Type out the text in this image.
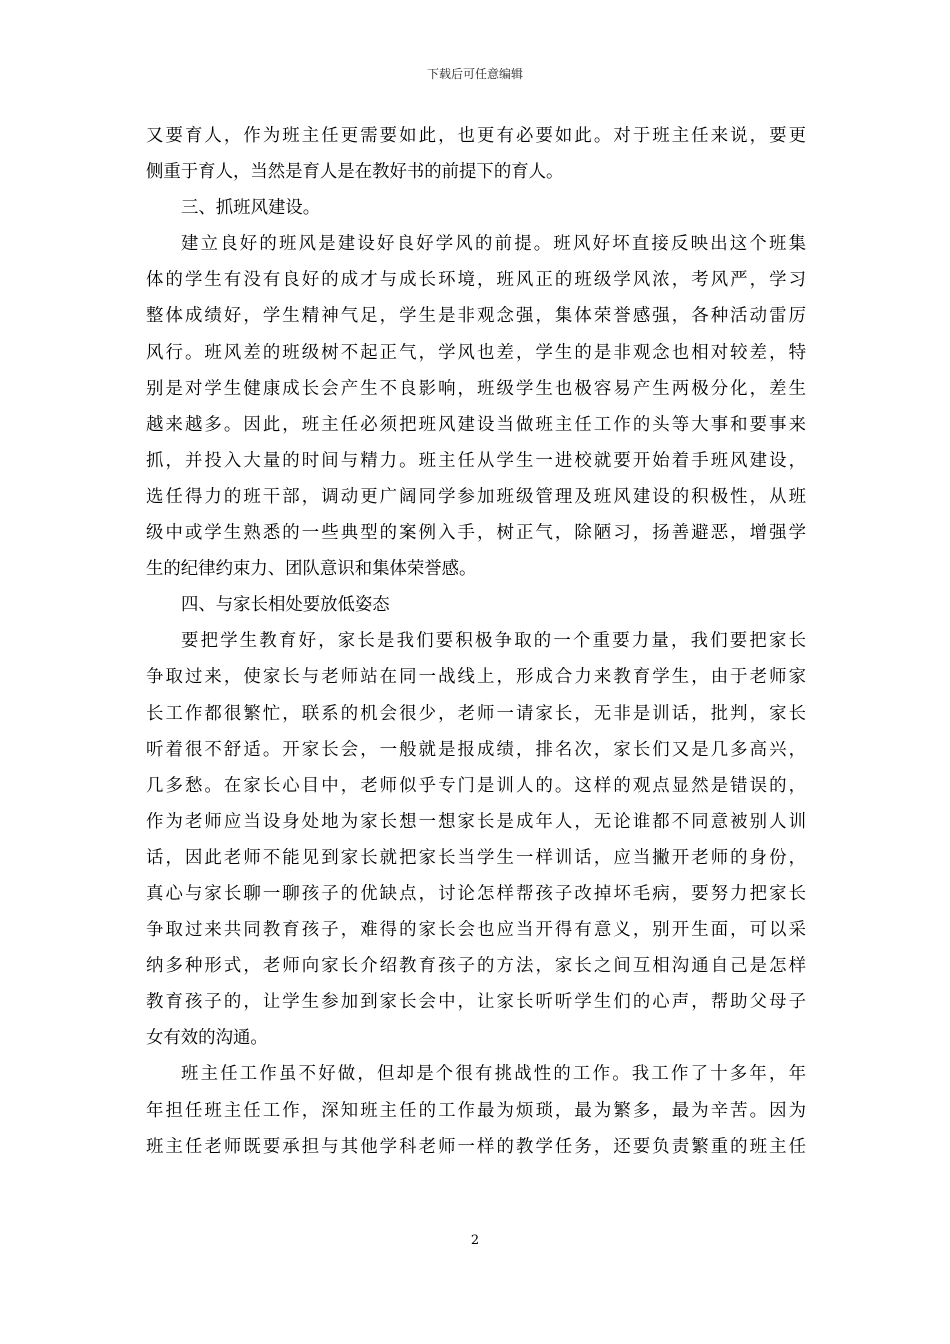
下载后可任意编辑
又要育人，作为班主任更需要如此，也更有必要如此。对于班主任来说，要更
侧重于育人，当然是育人是在教好书的前提下的育人。
三、抓班风建设。
建立良好的班风是建设好良好学风的前提。班风好坏直接反映出这个班集
体的学生有没有良好的成才与成长环境，班风正的班级学风浓，考风严，学习
整体成绩好，学生精神气足，学生是非观念强，集体荣誉感强，各种活动雷厉
风行。班风差的班级树不起正气，学风也差，学生的是非观念也相对较差，特
别是对学生健康成长会产生不良影响，班级学生也极容易产生两极分化，差生
越来越多。因此，班主任必须把班风建设当做班主任工作的头等大事和要事来
抓，并投入大量的时间与精力。班主任从学生一进校就要开始着手班风建设，
选任得力的班干部，调动更广阔同学参加班级管理及班风建设的积极性，从班
级中或学生熟悉的一些典型的案例入手，树正气，除陋习，扬善避恶，增强学
生的纪律约束力、团队意识和集体荣誉感。
四、与家长相处要放低姿态
要把学生教育好，家长是我们要积极争取的一个重要力量，我们要把家长
争取过来，使家长与老师站在同一战线上，形成合力来教育学生，由于老师家
长工作都很繁忙，联系的机会很少，老师一请家长，无非是训话，批判，家长
听着很不舒适。开家长会，一般就是报成绩，排名次，家长们又是几多高兴，
几多愁。在家长心目中，老师似乎专门是训人的。这样的观点显然是错误的，
作为老师应当设身处地为家长想一想家长是成年人，无论谁都不同意被别人训
话，因此老师不能见到家长就把家长当学生一样训话，应当撇开老师的身份，
真心与家长聊一聊孩子的优缺点，讨论怎样帮孩子改掉坏毛病，要努力把家长
争取过来共同教育孩子，难得的家长会也应当开得有意义，别开生面，可以采
纳多种形式，老师向家长介绍教育孩子的方法，家长之间互相沟通自己是怎样
教育孩子的，让学生参加到家长会中，让家长听听学生们的心声，帮助父母子
女有效的沟通。
班主任工作虽不好做，但却是个很有挑战性的工作。我工作了十多年，年
年担任班主任工作，深知班主任的工作最为烦琐，最为繁多，最为辛苦。因为
班主任老师既要承担与其他学科老师一样的教学任务，还要负责繁重的班主任
2
